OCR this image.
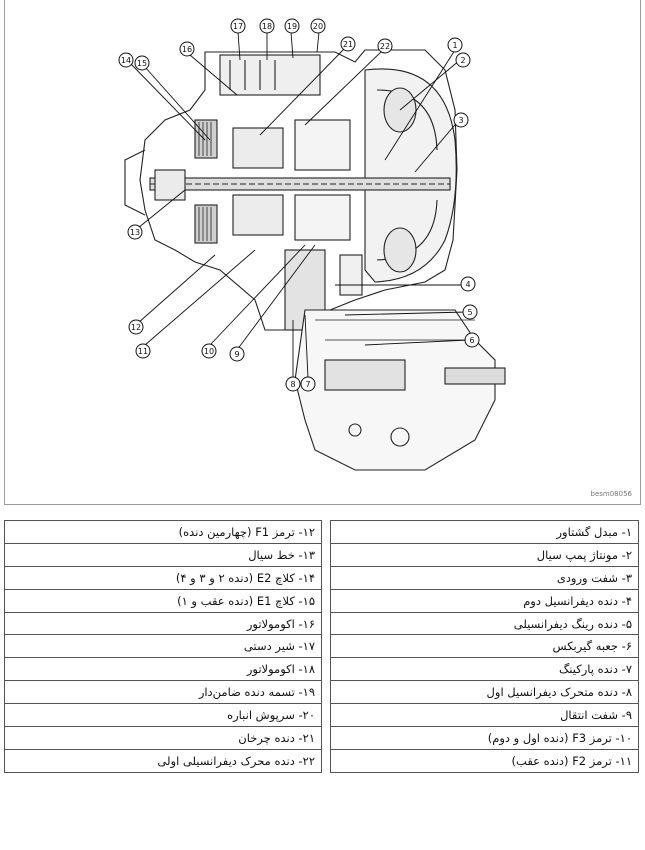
1
2
3
4
5
6
7
8
9
10
11
12
13
14 15
16
17 18 19 20
21	22
besm08056
۱۲- ترمز F1 (چهارمین دنده)
۱۳- خط سیال
۱۴- کلاچ E2 (دنده ۲ و ۳ و ۴)
۱۵- کلاچ E1 (دنده عقب و ۱)
۱۶- اکومولاتور
۱۷- شیر دستی
۱۸- اکومولاتور
۱۹- تسمه دنده ضامن‌دار
۲۰- سرپوش انباره
۲۱- دنده چرخان
۲۲- دنده محرک دیفرانسیلی اولی
۱- مبدل گشتاور
۲- مونتاژ پمپ سیال
۳- شفت ورودی
۴- دنده دیفرانسیل دوم
۵- دنده رینگ دیفرانسیلی
۶- جعبه گیربکس
۷- دنده پارکینگ
۸- دنده متحرک دیفرانسیل اول
۹- شفت انتقال
۱۰- ترمز F3 (دنده اول و دوم)
۱۱- ترمز F2 (دنده عقب)
